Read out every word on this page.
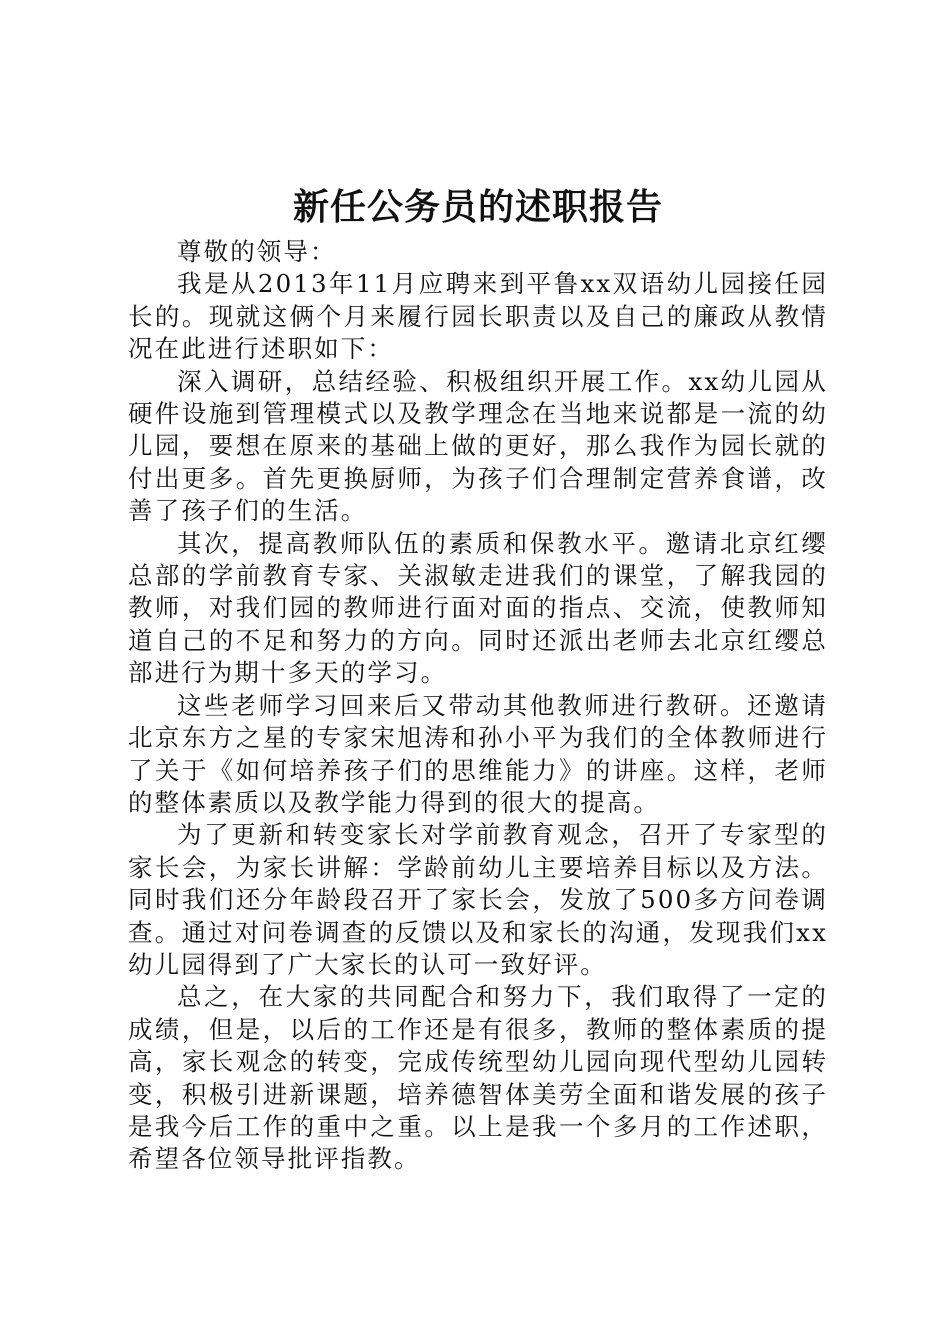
新任公务员的述职报告

尊敬的领导：

我是从2013年11月应聘来到平鲁xx双语幼儿园接任园长的。现就这俩个月来履行园长职责以及自己的廉政从教情况在此进行述职如下：

深入调研，总结经验、积极组织开展工作。xx幼儿园从硬件设施到管理模式以及教学理念在当地来说都是一流的幼儿园，要想在原来的基础上做的更好，那么我作为园长就的付出更多。首先更换厨师，为孩子们合理制定营养食谱，改善了孩子们的生活。

其次，提高教师队伍的素质和保教水平。邀请北京红缨总部的学前教育专家、关淑敏走进我们的课堂，了解我园的教师，对我们园的教师进行面对面的指点、交流，使教师知道自己的不足和努力的方向。同时还派出老师去北京红缨总部进行为期十多天的学习。

这些老师学习回来后又带动其他教师进行教研。还邀请北京东方之星的专家宋旭涛和孙小平为我们的全体教师进行了关于《如何培养孩子们的思维能力》的讲座。这样，老师的整体素质以及教学能力得到的很大的提高。

为了更新和转变家长对学前教育观念，召开了专家型的家长会，为家长讲解：学龄前幼儿主要培养目标以及方法。同时我们还分年龄段召开了家长会，发放了500多方问卷调查。通过对问卷调查的反馈以及和家长的沟通，发现我们xx幼儿园得到了广大家长的认可一致好评。

总之，在大家的共同配合和努力下，我们取得了一定的成绩，但是，以后的工作还是有很多，教师的整体素质的提高，家长观念的转变，完成传统型幼儿园向现代型幼儿园转变，积极引进新课题，培养德智体美劳全面和谐发展的孩子是我今后工作的重中之重。以上是我一个多月的工作述职，希望各位领导批评指教。
